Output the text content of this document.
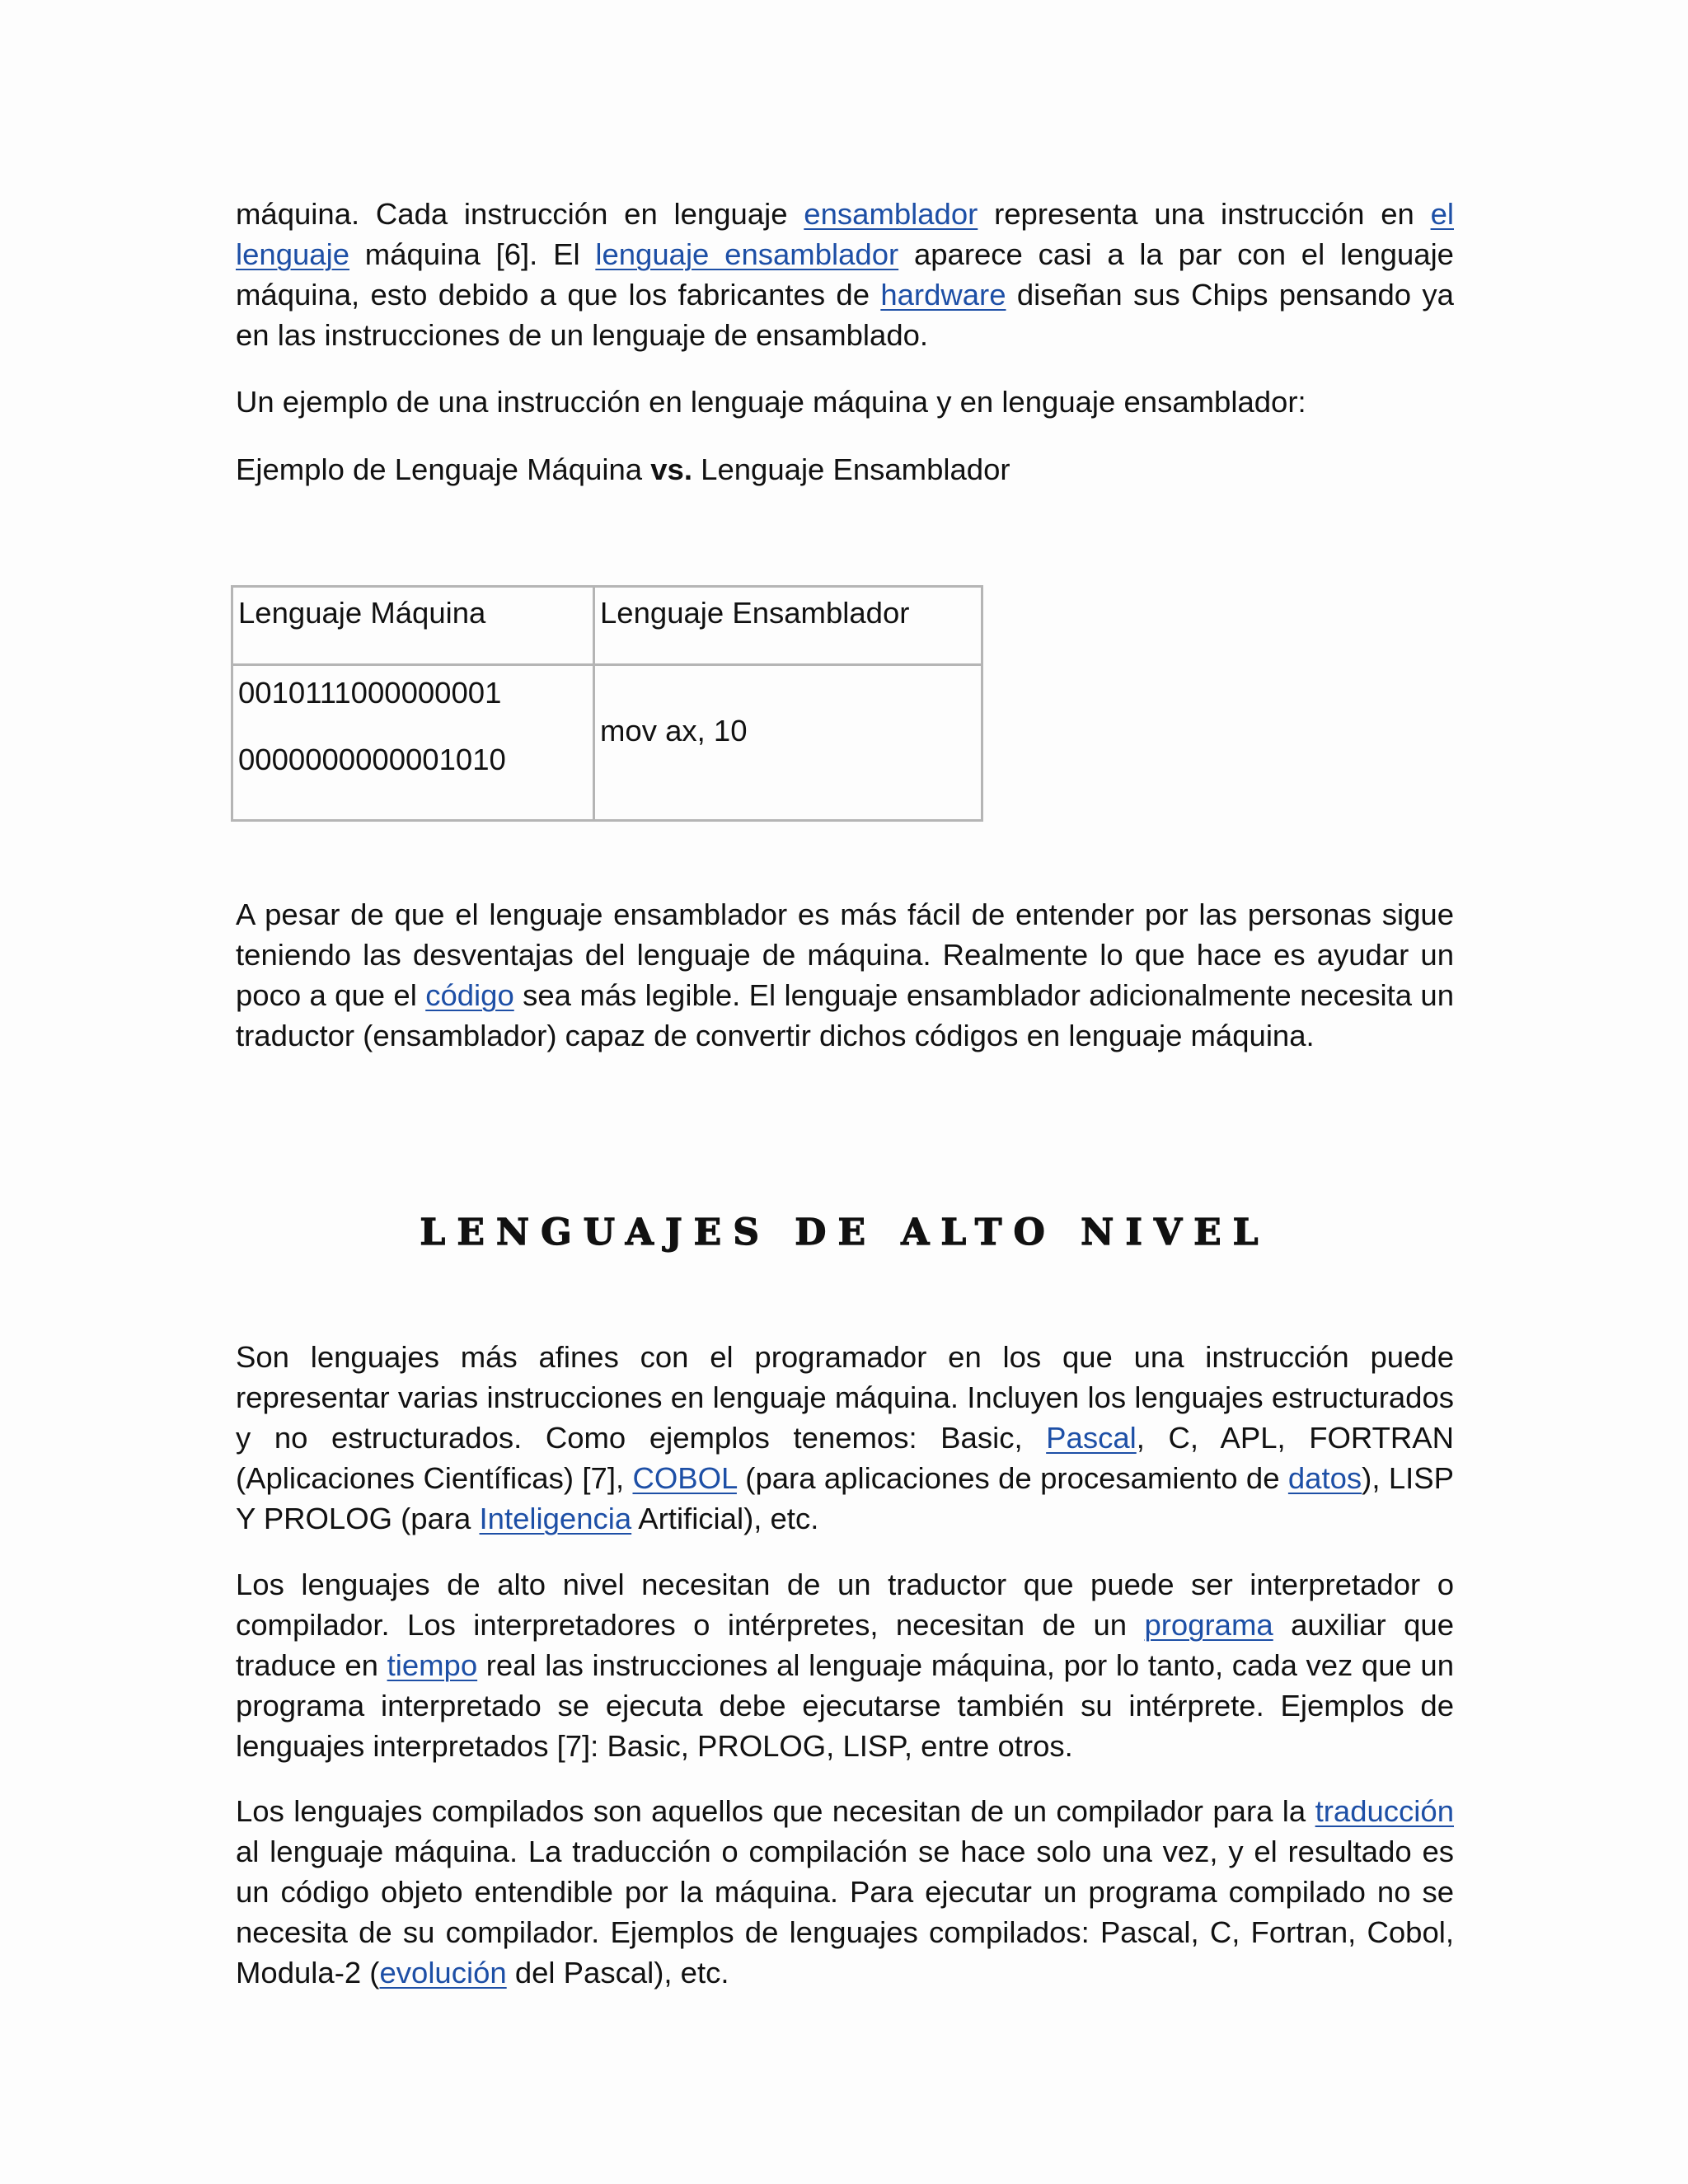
máquina. Cada instrucción en lenguaje ensamblador representa una instrucción en el lenguaje máquina [6]. El lenguaje ensamblador aparece casi a la par con el lenguaje máquina, esto debido a que los fabricantes de hardware diseñan sus Chips pensando ya en las instrucciones de un lenguaje de ensamblado.

Un ejemplo de una instrucción en lenguaje máquina y en lenguaje ensamblador:

Ejemplo de Lenguaje Máquina vs. Lenguaje Ensamblador

Lenguaje Máquina	Lenguaje Ensamblador

0010111000000001
0000000000001010	mov ax, 10

A pesar de que el lenguaje ensamblador es más fácil de entender por las personas sigue teniendo las desventajas del lenguaje de máquina. Realmente lo que hace es ayudar un poco a que el código sea más legible. El lenguaje ensamblador adicionalmente necesita un traductor (ensamblador) capaz de convertir dichos códigos en lenguaje máquina.

LENGUAJES DE ALTO NIVEL

Son lenguajes más afines con el programador en los que una instrucción puede representar varias instrucciones en lenguaje máquina. Incluyen los lenguajes estructurados y no estructurados. Como ejemplos tenemos: Basic, Pascal, C, APL, FORTRAN (Aplicaciones Científicas) [7], COBOL (para aplicaciones de procesamiento de datos), LISP Y PROLOG (para Inteligencia Artificial), etc.

Los lenguajes de alto nivel necesitan de un traductor que puede ser interpretador o compilador. Los interpretadores o intérpretes, necesitan de un programa auxiliar que traduce en tiempo real las instrucciones al lenguaje máquina, por lo tanto, cada vez que un programa interpretado se ejecuta debe ejecutarse también su intérprete. Ejemplos de lenguajes interpretados [7]: Basic, PROLOG, LISP, entre otros.

Los lenguajes compilados son aquellos que necesitan de un compilador para la traducción al lenguaje máquina. La traducción o compilación se hace solo una vez, y el resultado es un código objeto entendible por la máquina. Para ejecutar un programa compilado no se necesita de su compilador. Ejemplos de lenguajes compilados: Pascal, C, Fortran, Cobol, Modula-2 (evolución del Pascal), etc.
